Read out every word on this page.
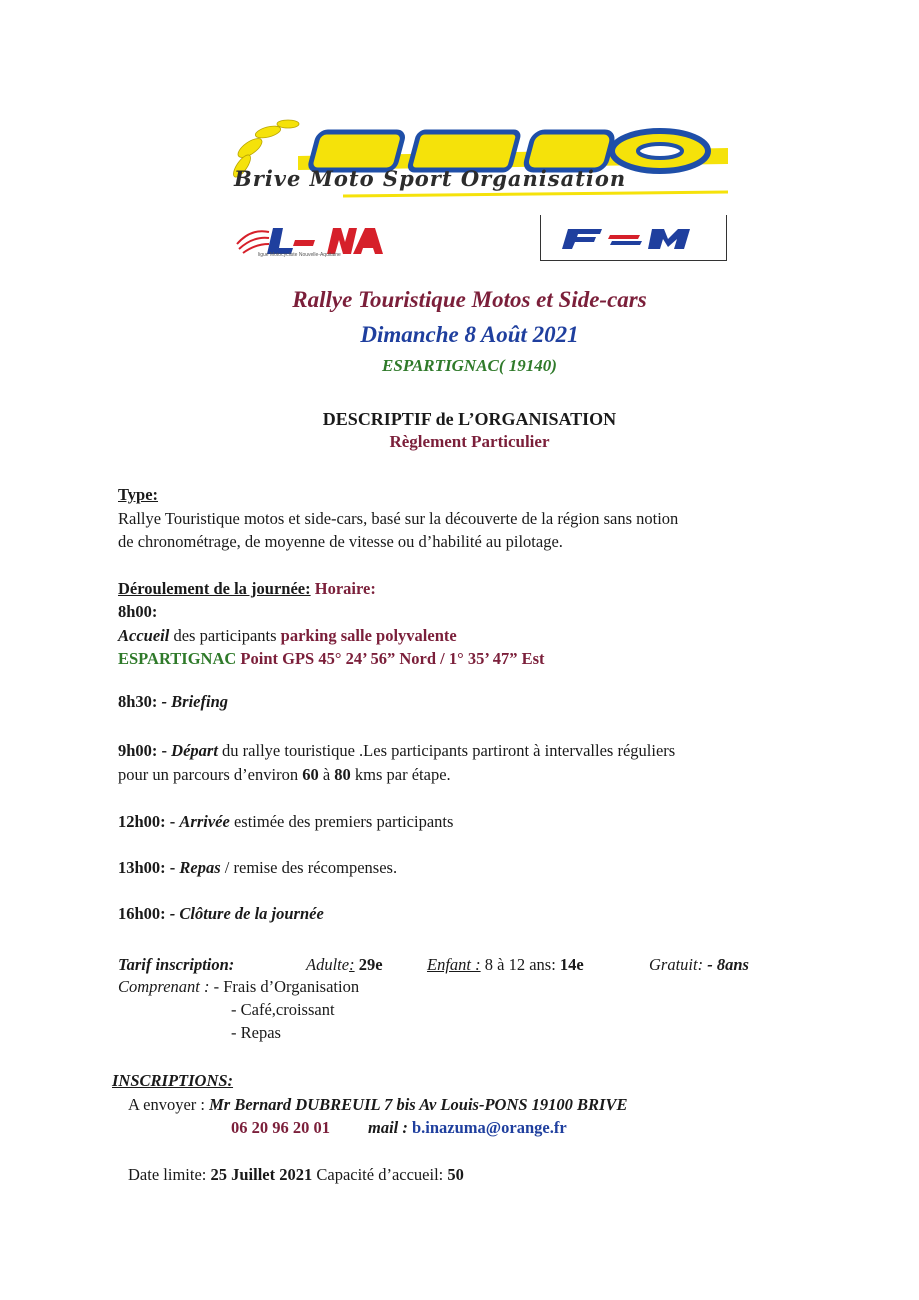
Brive Moto Sport Organisation
ligue Motocycliste Nouvelle-Aquitaine
Rallye Touristique Motos et Side-cars
Dimanche 8 Août 2021
ESPARTIGNAC( 19140)
DESCRIPTIF de L’ORGANISATION
Règlement Particulier
Type:
Rallye Touristique motos et side-cars, basé sur la découverte de la région sans notion
de chronométrage, de moyenne de vitesse ou d’habilité au pilotage.
Déroulement de la journée: Horaire:
8h00:
Accueil des participants parking salle polyvalente
ESPARTIGNAC Point GPS 45° 24’ 56” Nord / 1° 35’ 47” Est
8h30: - Briefing
9h00: - Départ du rallye touristique .Les participants partiront à intervalles réguliers
pour un parcours d’environ 60 à 80 kms par étape.
12h00: - Arrivée estimée des premiers participants
13h00: - Repas / remise des récompenses.
16h00: - Clôture de la journée
Tarif inscription:	Adulte: 29e	Enfant : 8 à 12 ans: 14e	Gratuit: - 8ans
Comprenant : - Frais d’Organisation
- Café,croissant
- Repas
INSCRIPTIONS:
A envoyer : Mr Bernard DUBREUIL 7 bis Av Louis-PONS 19100 BRIVE
06 20 96 20 01 mail : b.inazuma@orange.fr
Date limite: 25 Juillet 2021 Capacité d’accueil: 50
